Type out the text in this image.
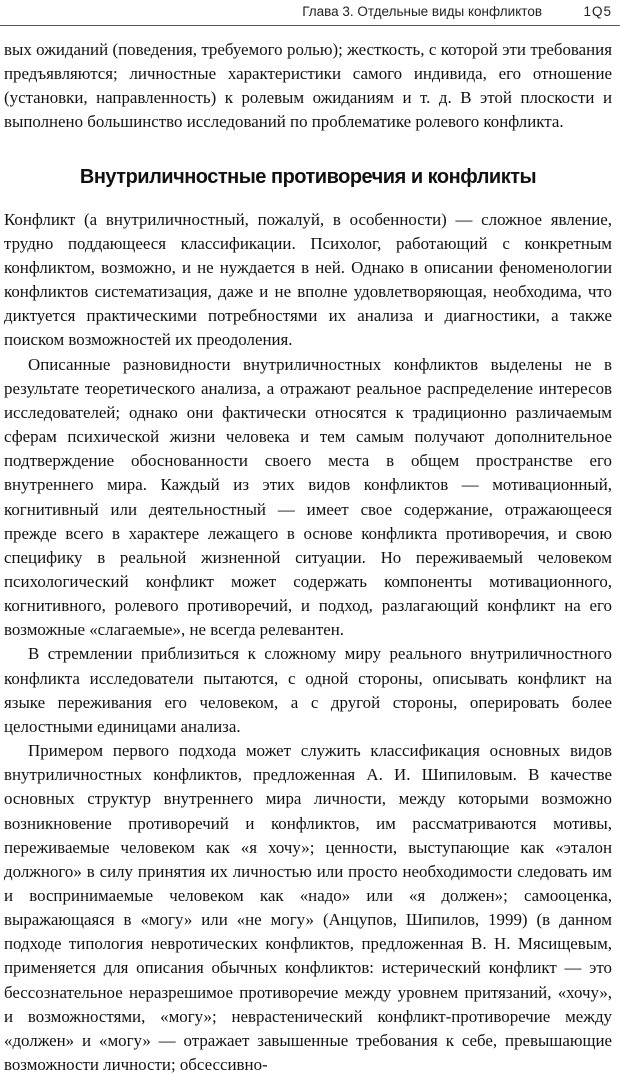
Глава 3. Отдельные виды конфликтов	1Q5

вых ожиданий (поведения, требуемого ролью); жесткость, с которой эти требования предъявляются; личностные характеристики самого индивида, его отношение (установки, направленность) к ролевым ожиданиям и т. д. В этой плоскости и выполнено большинство исследований по проблематике ролевого конфликта.

Внутриличностные противоречия и конфликты

Конфликт (а внутриличностный, пожалуй, в особенности) — сложное явление, трудно поддающееся классификации. Психолог, работающий с конкретным конфликтом, возможно, и не нуждается в ней. Однако в описании феноменологии конфликтов систематизация, даже и не вполне удовлетворяющая, необходима, что диктуется практическими потребностями их анализа и диагностики, а также поиском возможностей их преодоления.

Описанные разновидности внутриличностных конфликтов выделены не в результате теоретического анализа, а отражают реальное распределение интересов исследователей; однако они фактически относятся к традиционно различаемым сферам психической жизни человека и тем самым получают дополнительное подтверждение обоснованности своего места в общем пространстве его внутреннего мира. Каждый из этих видов конфликтов — мотивационный, когнитивный или деятельностный — имеет свое содержание, отражающееся прежде всего в характере лежащего в основе конфликта противоречия, и свою специфику в реальной жизненной ситуации. Но переживаемый человеком психологический конфликт может содержать компоненты мотивационного, когнитивного, ролевого противоречий, и подход, разлагающий конфликт на его возможные «слагаемые», не всегда релевантен.

В стремлении приблизиться к сложному миру реального внутриличностного конфликта исследователи пытаются, с одной стороны, описывать конфликт на языке переживания его человеком, а с другой стороны, оперировать более целостными единицами анализа.

Примером первого подхода может служить классификация основных видов внутриличностных конфликтов, предложенная А. И. Шипиловым. В качестве основных структур внутреннего мира личности, между которыми возможно возникновение противоречий и конфликтов, им рассматриваются мотивы, переживаемые человеком как «я хочу»; ценности, выступающие как «эталон должного» в силу принятия их личностью или просто необходимости следовать им и воспринимаемые человеком как «надо» или «я должен»; самооценка, выражающаяся в «могу» или «не могу» (Анцупов, Шипилов, 1999) (в данном подходе типология невротических конфликтов, предложенная В. Н. Мясищевым, применяется для описания обычных конфликтов: истерический конфликт — это бессознательное неразрешимое противоречие между уровнем притязаний, «хочу», и возможностями, «могу»; неврастенический конфликт-противоречие между «должен» и «могу» — отражает завышенные требования к себе, превышающие возможности личности; обсессивно-
